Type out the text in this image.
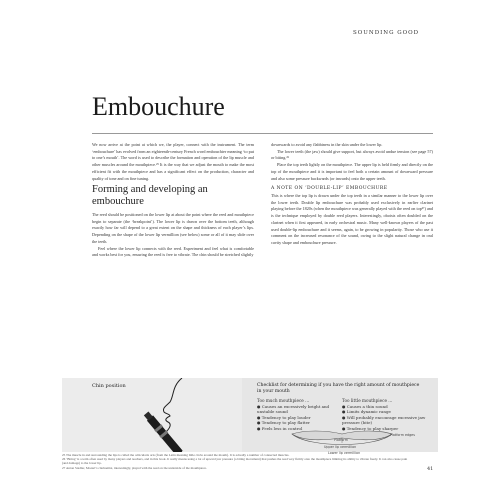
SOUNDING GOOD
Embouchure

We now arrive at the point at which we, the player, connect with the instrument. The term ‘embouchure’ has evolved from an eighteenth-century French word embouchier meaning ‘to put to one’s mouth’. The word is used to describe the formation and operation of the lip muscle and other muscles around the mouthpiece.²⁵ It is the way that we adjust the mouth to make the most efficient fit with the mouthpiece and has a significant effect on the production, character and quality of tone and on fine tuning.

downwards to avoid any flabbiness in the skin under the lower lip.

The lower teeth (the jaw) should give support, but always avoid undue tension (see page 57) or biting.²⁶

Place the top teeth lightly on the mouthpiece. The upper lip is held firmly and directly on the top of the mouthpiece and it is important to feel both a certain amount of downward pressure and also some pressure backwards (or inwards) onto the upper teeth.

Forming and developing an embouchure

The reed should be positioned on the lower lip at about the point where the reed and mouthpiece begin to separate (the ‘breakpoint’). The lower lip is drawn over the bottom teeth, although exactly how far will depend to a great extent on the shape and thickness of each player’s lips. Depending on the shape of the lower lip vermillion (see below) some or all of it may slide over the teeth.

Feel where the lower lip connects with the reed. Experiment and feel what is comfortable and works best for you, ensuring the reed is free to vibrate. The chin should be stretched slightly

A NOTE ON ‘DOUBLE-LIP’ EMBOUCHURE

This is where the top lip is drawn under the top teeth in a similar manner to the lower lip over the lower teeth. Double lip embouchure was probably used exclusively in earlier clarinet playing before the 1820s (when the mouthpiece was generally played with the reed on top²⁷) and is the technique employed by double reed players. Interestingly, oboists often doubled on the clarinet when it first appeared, in early orchestral music. Many well-known players of the past used double-lip embouchure and it seems, again, to be growing in popularity. Those who use it comment on the increased resonance of the sound, owing to the slight natural change in oral cavity shape and embouchure pressure.

Chin position	Checklist for determining if you have the right amount of mouthpiece in your mouth
Too much mouthpiece …
● Causes an excessively bright and unstable sound
● Tendency to play louder
● Tendency to play flatter
● Feels less in control
Too little mouthpiece …
● Causes a thin sound
● Limits dynamic range
● Will probably encourage excessive jaw pressure (bite)
● Tendency to play sharper
Platform
Platform edges
Upper lip vermillion
Lower lip vermillion
25 The muscle in and surrounding the lips is called the orbicularis oris (from the Latin meaning little circle around the mouth). It is actually a number of connected muscles.
26 ‘Biting’ is a term often used by many players and teachers, and in this book. It really means using a lot of upward jaw pressure (a biting movement) that pushes the reed very firmly onto the mouthpiece limiting its ability to vibrate freely. It can also cause pain (and damage) to the lower lip.
27 Anton Stadler, Mozart’s clarinettist, interestingly, played with the reed on the underside of the mouthpiece.	41
